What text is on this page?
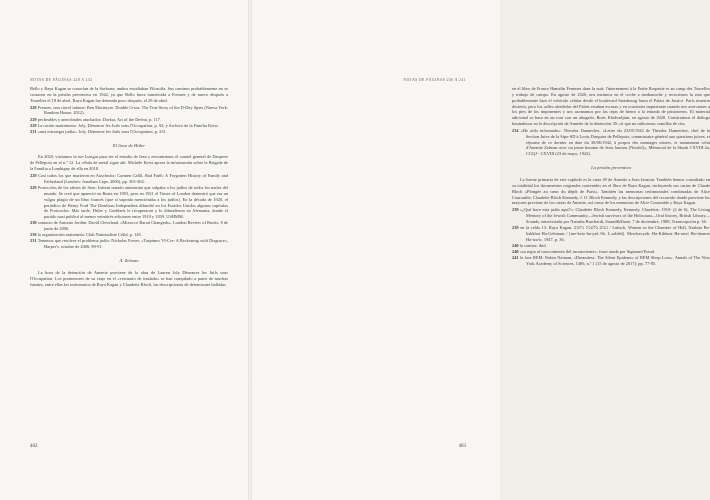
Bello y Raya Kagan se conocían de la Sorbona; ambos estudiaban Filosofía. Sus caminos probablemente no se cruzaron en la prisión preventiva en 1942, ya que Bello fuera transferida a Fresnes y de nuevo después a Tourelles el 18 de abril. Raya Kagan fue detenida poco después, el 29 de abril.

228 Fresnes, una cárcel infame: Ben Macintyre, Double Cross: The True Story of the D-Day Spies (Nueva York: Random House, 2012).
229 pecheables y anecdotales atuchados: Dorkar, Art of the Defeat, p. 117.
229 La ración matrimonio: Joly, Dénoncer les Juifs sous l'Occupation, p. 92; y Archivo de la Familia Kerst.
231 «una estrategia judía»: Joly, Dénoncer les Juifs sous l'Occupation, p. 231.
El lioso de Hitler

En 2020, visitamos la rue Lusigar para ver el estudio de Jean y encontramos el cuartel general de Darquier de Pellepoix en el n.º 12. La célula de metal sigue ahí. Michèle Kerst aporta la información sobre la Brigada de la Familia a Lombigny de ella en 2018.

229 Casi todos los que murieron en Auschwitz: Carmen Callil, Bad Faith: A Forgotten History of Family and Fatherland (Londres: Jonathan Cape, 2006), pp. 303-304.
229 Protocolos de los sabios de Sion: Inform tratado antisemita que culpaba a los judíos de todos los males del mundo. Se creó que apareció en Rusia en 1903, pero en 1921 el Times of London demostró que era un vulgar plagio de un libro francés (que sí suponía menciónaba a los judíos). En la década de 1920, el periódico de Henry Ford The Dearborn Independent difundió en los Estados Unidos algunos capítulos de Protocolos. Más tarde, Hitler y Goebbels le recuperaron y lo difundieron en Alemania, donde el partido nazi publicó al menos veintitrés ediciones entre 1919 y 1939. USHMM.
230 contacto de Antonio Jordán: David Cleveland, «Moroccó Baron Changeds», London Review of Books, 8 de junio de 2006.
230 la organización antisemita: Club Nationaliste Célid, p. 145.
231 Tenemos que resolver el problema judío: Nicholas Freser, «Torpimes VI-Cre: A Reckoning with Disgrace», Harper's, octubre de 2006, 89-91.
A. Zelman

La hora de la detención de Annette proviene de la obra de Lauren Joly Dénoncer les Juifs sous l'Occupation. Los pormenores de su viaje en el «vestuario de traslado» se han compilado a partir de muchas fuentes, entre ellas los testimonios de Raya Kagan y Claudette Bloch, las descripciones de detenciones halladas

402
NOTAS DE PÁGINAS 228 A 232	NOTAS DE PÁGINAS 236 A 241

en el libro de France Hamelin Femmes dans la nuit: l'internement à la Petite Roquette et au camp des Tourelles y trabajo de campo. En agosto de 2020, nos metimos en el coche a medianoche y recorrimos la ruta que probablemente hizo el vehículo celular desde el boulevard Strasbourg hasta el Palais de Justice. París muestra desierto, pero los calles alrededor del Palais estaban escasas y en ocasiones inquietante cuando nos acercamos a los pies de los imponentes y nos asomamos por las rejas de hierro a la entrada de prisioneros. El material adicional se basa en un tour con un abogado, Boris Khalvadjian, en agosto de 2020. Construimos el diálogo basándonos en la descripción de Annette de la detención. Di «ti que no utilicemos comillas de cita.

234 «He oído informado»: Theodor Dannecker, «Lettre du 23/05/1942 de Theodor Dannecker, chef de la Section Juive de la Sipo-SD à Louis Darquier de Pellepoix, commissaire général aux questions juives, et réponse de ce dernier en date du 30/06/1942, à propos des montages mixtes, et notamment celui d'Annette Zelman avec un jeune homme de Jean Jausion (Nonfol)», Mémorial de la Shoah CXVIII-2a. CGQJ - CXVIII (23 de mayo, 1942).
La prisión preventiva

La fuente primaria de este capítulo es la carta 49 de Annette a Jean Jausion. También hemos consultado en su totalidad los documentos originales contenidos en el libro de Raya Kagan, incluyendo sus cartas de Claude Bloch «Plongée au cœur du dépôt de Paris». También las memorias testimoniales combinadas de Alice Courouble, Claudette Bloch Kennedy, J. O. Bloch Kennedy, y las descripciones del recorrido donde proviene los mayores previene de los cartas de Annette, así como de los memorias de Alice Courouble y Raya Kagan.

239 «¿Qué hace esta judía aquí?»: Claudette Bloch Kennedy, Kennedy, Claudette, 1910- (2 de 6), The Living Memory of the Jewish Community—Jewish survivors of the Holocaust—Oral history, British Library—Sounds, entrevistada por Natasha Burchardt, Sound&Shore, 7 de diciembre, 1988, Transcripción p. 36.
239 en la celda 13: Raya Kagan, נשים בלשכת גיהנום / Lubsch, Women in the Chamber of Hell, Nashim Be-lishkhat Ha-Gehinom / [me-keto-ha-yad Sh. L.saldeh]. Merchavyah: Ha-Kibbutz Ha-artzi Ha-shomer Ha-tzaʻir, 1947, p. 36.
240 la comisa: ibid.
240 «su regia al conocimiento del inconsciente»: frase usada por Sigmund Freud.
241 la fase REM: Rubin Naiman, «Dreamless: The Silent Epidemic of REM Sleep Loss», Annals of The New York Academy of Sciences, 1406, n.º 1 (15 de agosto de 2017): pp. 77-85.
403
